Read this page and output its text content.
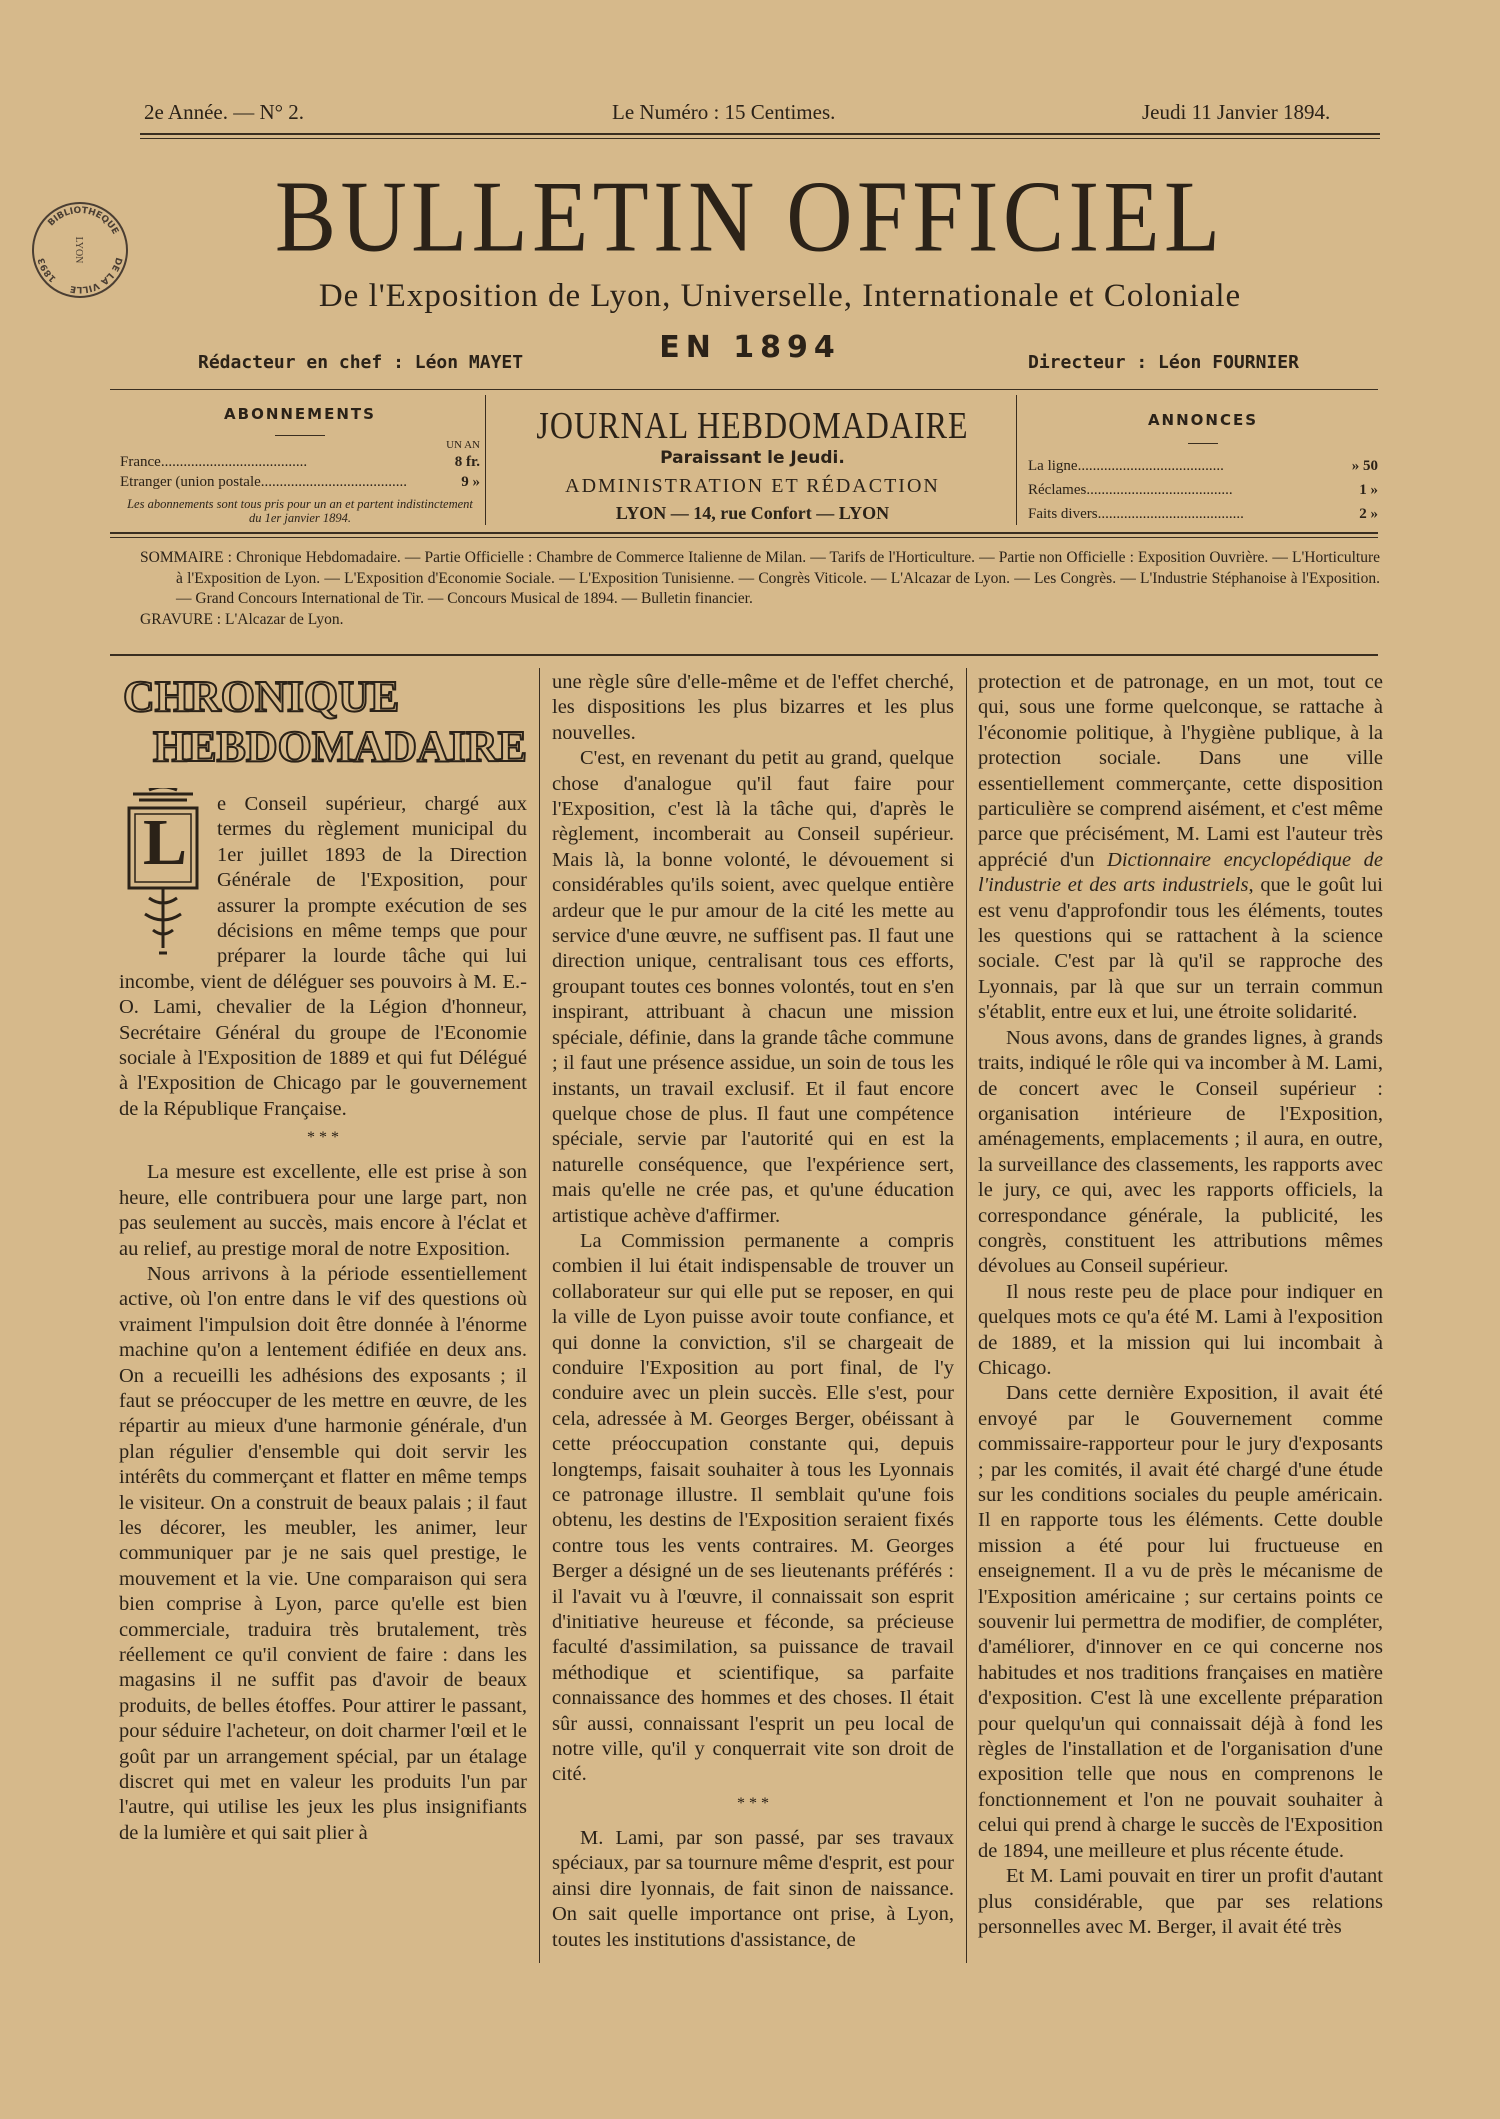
2e Année. — N° 2.	Le Numéro : 15 Centimes.	Jeudi 11 Janvier 1894.
BIBLIOTHEQUE
DE LA VILLE
1893	LYON	BULLETIN OFFICIEL
De l'Exposition de Lyon, Universelle, Internationale et Coloniale
EN 1894
Rédacteur en chef : Léon MAYET	Directeur : Léon FOURNIER
ABONNEMENTS
UN AN
France.......................................	8 fr.
Etranger (union postale.......................................	9 »
Les abonnements sont tous pris pour un an et partent indistinctement du 1er janvier 1894.
JOURNAL HEBDOMADAIRE
Paraissant le Jeudi.
ADMINISTRATION ET RÉDACTION
LYON — 14, rue Confort — LYON
ANNONCES
La ligne.......................................	» 50
Réclames.......................................	1 »
Faits divers.......................................	2 »
SOMMAIRE : Chronique Hebdomadaire. — Partie Officielle : Chambre de Commerce Italienne de Milan. — Tarifs de l'Horticulture. — Partie non Officielle : Exposition Ouvrière. — L'Horticulture à l'Exposition de Lyon. — L'Exposition d'Economie Sociale. — L'Exposition Tunisienne. — Congrès Viticole. — L'Alcazar de Lyon. — Les Congrès. — L'Industrie Stéphanoise à l'Exposition. — Grand Concours International de Tir. — Concours Musical de 1894. — Bulletin financier.
GRAVURE : L'Alcazar de Lyon.
CHRONIQUE
HEBDOMADAIRE
L

e Conseil supérieur, chargé aux termes du règlement municipal du 1er juillet 1893 de la Direction Générale de l'Exposition, pour assurer la prompte exécution de ses décisions en même temps que pour préparer la lourde tâche qui lui incombe, vient de déléguer ses pouvoirs à M. E.-O. Lami, chevalier de la Légion d'honneur, Secrétaire Général du groupe de l'Economie sociale à l'Exposition de 1889 et qui fut Délégué à l'Exposition de Chicago par le gouvernement de la République Française.

* * *

La mesure est excellente, elle est prise à son heure, elle contribuera pour une large part, non pas seulement au succès, mais encore à l'éclat et au relief, au prestige moral de notre Exposition.

Nous arrivons à la période essentiellement active, où l'on entre dans le vif des questions où vraiment l'impulsion doit être donnée à l'énorme machine qu'on a lentement édifiée en deux ans. On a recueilli les adhésions des exposants ; il faut se préoccuper de les mettre en œuvre, de les répartir au mieux d'une harmonie générale, d'un plan régulier d'ensemble qui doit servir les intérêts du commerçant et flatter en même temps le visiteur. On a construit de beaux palais ; il faut les décorer, les meubler, les animer, leur communiquer par je ne sais quel prestige, le mouvement et la vie. Une comparaison qui sera bien comprise à Lyon, parce qu'elle est bien commerciale, traduira très brutalement, très réellement ce qu'il convient de faire : dans les magasins il ne suffit pas d'avoir de beaux produits, de belles étoffes. Pour attirer le passant, pour séduire l'acheteur, on doit charmer l'œil et le goût par un arrangement spécial, par un étalage discret qui met en valeur les produits l'un par l'autre, qui utilise les jeux les plus insignifiants de la lumière et qui sait plier à

une règle sûre d'elle-même et de l'effet cherché, les dispositions les plus bizarres et les plus nouvelles.

C'est, en revenant du petit au grand, quelque chose d'analogue qu'il faut faire pour l'Exposition, c'est là la tâche qui, d'après le règlement, incomberait au Conseil supérieur. Mais là, la bonne volonté, le dévouement si considérables qu'ils soient, avec quelque entière ardeur que le pur amour de la cité les mette au service d'une œuvre, ne suffisent pas. Il faut une direction unique, centralisant tous ces efforts, groupant toutes ces bonnes volontés, tout en s'en inspirant, attribuant à chacun une mission spéciale, définie, dans la grande tâche commune ; il faut une présence assidue, un soin de tous les instants, un travail exclusif. Et il faut encore quelque chose de plus. Il faut une compétence spéciale, servie par l'autorité qui en est la naturelle conséquence, que l'expérience sert, mais qu'elle ne crée pas, et qu'une éducation artistique achève d'affirmer.

La Commission permanente a compris combien il lui était indispensable de trouver un collaborateur sur qui elle put se reposer, en qui la ville de Lyon puisse avoir toute confiance, et qui donne la conviction, s'il se chargeait de conduire l'Exposition au port final, de l'y conduire avec un plein succès. Elle s'est, pour cela, adressée à M. Georges Berger, obéissant à cette préoccupation constante qui, depuis longtemps, faisait souhaiter à tous les Lyonnais ce patronage illustre. Il semblait qu'une fois obtenu, les destins de l'Exposition seraient fixés contre tous les vents contraires. M. Georges Berger a désigné un de ses lieutenants préférés : il l'avait vu à l'œuvre, il connaissait son esprit d'initiative heureuse et féconde, sa précieuse faculté d'assimilation, sa puissance de travail méthodique et scientifique, sa parfaite connaissance des hommes et des choses. Il était sûr aussi, connaissant l'esprit un peu local de notre ville, qu'il y conquerrait vite son droit de cité.

* * *

M. Lami, par son passé, par ses travaux spéciaux, par sa tournure même d'esprit, est pour ainsi dire lyonnais, de fait sinon de naissance. On sait quelle importance ont prise, à Lyon, toutes les institutions d'assistance, de

protection et de patronage, en un mot, tout ce qui, sous une forme quelconque, se rattache à l'économie politique, à l'hygiène publique, à la protection sociale. Dans une ville essentiellement commerçante, cette disposition particulière se comprend aisément, et c'est même parce que précisément, M. Lami est l'auteur très apprécié d'un Dictionnaire encyclopédique de l'industrie et des arts industriels, que le goût lui est venu d'approfondir tous les éléments, toutes les questions qui se rattachent à la science sociale. C'est par là qu'il se rapproche des Lyonnais, par là que sur un terrain commun s'établit, entre eux et lui, une étroite solidarité.

Nous avons, dans de grandes lignes, à grands traits, indiqué le rôle qui va incomber à M. Lami, de concert avec le Conseil supérieur : organisation intérieure de l'Exposition, aménagements, emplacements ; il aura, en outre, la surveillance des classements, les rapports avec le jury, ce qui, avec les rapports officiels, la correspondance générale, la publicité, les congrès, constituent les attributions mêmes dévolues au Conseil supérieur.

Il nous reste peu de place pour indiquer en quelques mots ce qu'a été M. Lami à l'exposition de 1889, et la mission qui lui incombait à Chicago.

Dans cette dernière Exposition, il avait été envoyé par le Gouvernement comme commissaire-rapporteur pour le jury d'exposants ; par les comités, il avait été chargé d'une étude sur les conditions sociales du peuple américain. Il en rapporte tous les éléments. Cette double mission a été pour lui fructueuse en enseignement. Il a vu de près le mécanisme de l'Exposition américaine ; sur certains points ce souvenir lui permettra de modifier, de compléter, d'améliorer, d'innover en ce qui concerne nos habitudes et nos traditions françaises en matière d'exposition. C'est là une excellente préparation pour quelqu'un qui connaissait déjà à fond les règles de l'installation et de l'organisation d'une exposition telle que nous en comprenons le fonctionnement et l'on ne pouvait souhaiter à celui qui prend à charge le succès de l'Exposition de 1894, une meilleure et plus récente étude.

Et M. Lami pouvait en tirer un profit d'autant plus considérable, que par ses relations personnelles avec M. Berger, il avait été très
